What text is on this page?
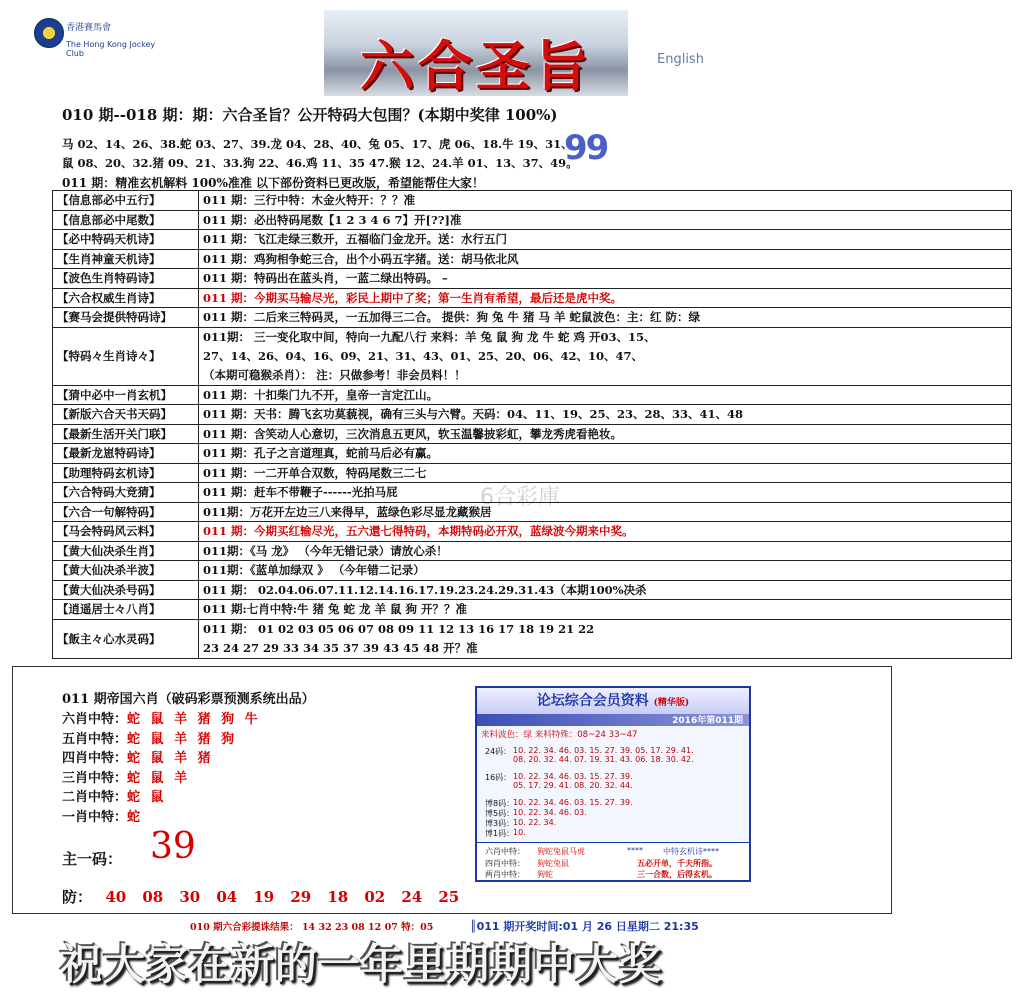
香港賽馬會
The Hong Kong Jockey Club	六合圣旨	English
010 期--018 期：期：六合圣旨？公开特码大包围？(本期中奖律 100%)
马 02、14、26、38.蛇 03、27、39.龙 04、28、40、兔 05、17、虎 06、18.牛 19、31、
鼠 08、20、32.猪 09、21、33.狗 22、46.鸡 11、35 47.猴 12、24.羊 01、13、37、49。
99
011 期：精准玄机解料 100%准准 以下部份资料已更改版，希望能帮住大家！
6合彩庫
【信息部必中五行】	011 期：三行中特：木金火特开：？？准
【信息部必中尾数】	011 期：必出特码尾数【1 2 3 4 6 7】开[??]准
【必中特码天机诗】	011 期：飞江走绿三数开，五福临门金龙开。送：水行五门
【生肖神童天机诗】	011 期：鸡狗相争蛇三合，出个小码五字猪。送：胡马依北风
【波色生肖特码诗】	011 期：特码出在蓝头肖，一蓝二绿出特码。 –
【六合权威生肖诗】	011 期：今期买马输尽光，彩民上期中了奖；第一生肖有希望，最后还是虎中奖。
【赛马会提供特码诗】	011 期：二后来三特码灵，一五加得三二合。 提供：狗 兔 牛 猪 马 羊 蛇鼠波色：主：红 防：绿
【特码々生肖诗々】	011期： 三一变化取中间，特向一九配八行 来料：羊 兔 鼠 狗 龙 牛 蛇 鸡 开03、15、
27、14、26、04、16、09、21、31、43、01、25、20、06、42、10、47、
（本期可稳猴杀肖）： 注：只做参考！非会员料！！

【猜中必中一肖玄机】	011 期：十扣柴门九不开，皇帝一言定江山。
【新版六合天书天码】	011 期：天书：腾飞玄功莫藐视，确有三头与六臂。天码：04、11、19、25、23、28、33、41、48
【最新生活开关门联】	011 期：含笑动人心意切，三次消息五更风，软玉温馨披彩虹，攀龙秀虎看艳妆。
【最新龙崽特码诗】	011 期：孔子之言道理真，蛇前马后必有赢。
【助理特码玄机诗】	011 期：一二开单合双数，特码尾数三二七
【六合特码大竞猜】	011 期：赶车不带鞭子------光拍马屁
【六合一句解特码】	011期：万花开左边三八来得早，蓝绿色彩尽显龙藏猴居
【马会特码风云料】	011 期：今期买红输尽光，五六還七得特码，本期特码必开双，蓝绿波今期来中奖。
【黄大仙决杀生肖】	011期：《马 龙》 （今年无错记录）请放心杀！
【黄大仙决杀半波】	011期：《蓝单加绿双 》 （今年错二记录）
【黄大仙决杀号码】	011 期： 02.04.06.07.11.12.14.16.17.19.23.24.29.31.43（本期100%决杀
【逍遥居士々八肖】	011 期:七肖中特:牛 猪 兔 蛇 龙 羊 鼠 狗 开？？准
【飯主々心水灵码】	011 期： 01 02 03 05 06 07 08 09 11 12 13 16 17 18 19 21 22
23 24 27 29 33 34 35 37 39 43 45 48 开？准
011 期帝国六肖（破码彩票预测系统出品）
六肖中特：蛇 鼠 羊 猪 狗 牛
五肖中特：蛇 鼠 羊 猪 狗
四肖中特：蛇 鼠 羊 猪
三肖中特：蛇 鼠 羊
二肖中特：蛇 鼠
一肖中特：蛇
主一码： 39
防： 40 08 30 04 19 29 18 02 24 25
论坛综合会员资料 (精华版)
2016年第011期
来料波色：绿 来料特殊：08~24 33~47
24码： 10. 22. 34. 46. 03. 15. 27. 39. 05. 17. 29. 41.
08. 20. 32. 44. 07. 19. 31. 43. 06. 18. 30. 42.
16码： 10. 22. 34. 46. 03. 15. 27. 39.
05. 17. 29. 41. 08. 20. 32. 44.
博8码：
10. 22. 34. 46. 03. 15. 27. 39.
博5码：
10. 22. 34. 46. 03.
博3码：
10. 22. 34.
博1码：
10.
六肖中特： 狗蛇兔鼠马虎	****	中特玄机诗****
四肖中特： 狗蛇兔鼠
两肖中特： 狗蛇
五必开单，千夫所指。
三一合数，后得玄机。
010 期六合彩提诛结果： 14 32 23 08 12 07 特：05	║011 期开奖时间:01 月 26 日星期二 21:35
祝大家在新的一年里期期中大奖
